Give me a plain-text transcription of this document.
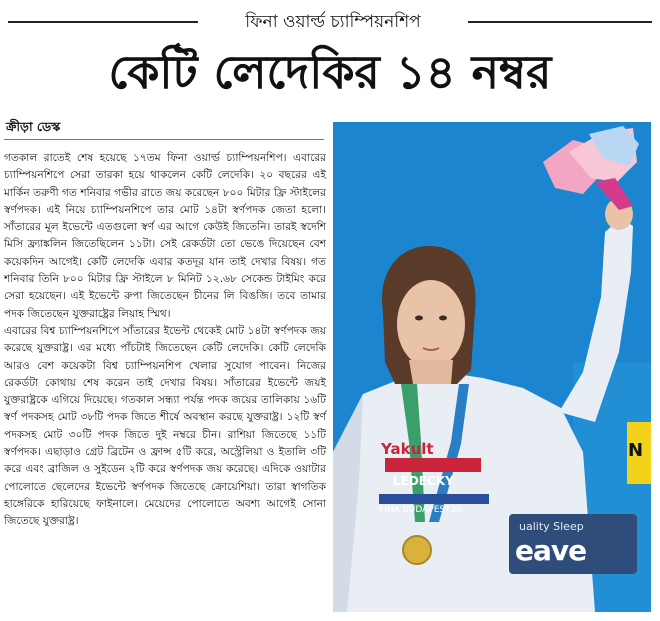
ফিনা ওয়ার্ল্ড চ্যাম্পিয়নশিপ
কেটি লেদেকির ১৪ নম্বর
ক্রীড়া ডেস্ক

গতকাল রাতেই শেষ হয়েছে ১৭তম ফিনা ওয়ার্ল্ড চ্যাম্পিয়নশিপ। এবারের চ্যাম্পিয়নশিপে সেরা তারকা হয়ে থাকলেন কেটি লেদেকি। ২০ বছরের এই মার্কিন তরুণী গত শনিবার গভীর রাতে জয় করেছেন ৮০০ মিটার ফ্রি স্টাইলের স্বর্ণপদক। এই নিয়ে চ্যাম্পিয়নশিপে তার মোট ১৪টা স্বর্ণপদক জেতা হলো। সাঁতারের মূল ইভেন্টে এতগুলো স্বর্ণ এর আগে কেউই জিতেনি। তারই স্বদেশি মিসি ফ্র্যাঙ্কলিন জিতেছিলেন ১১টা। সেই রেকর্ডটা তো ভেঙে দিয়েছেন বেশ কয়েকদিন আগেই। কেটি লেদেকি এবার কতদূর যান তাই দেখার বিষয়। গত শনিবার তিনি ৮০০ মিটার ফ্রি স্টাইলে ৮ মিনিট ১২.৬৮ সেকেন্ড টাইমিং করে সেরা হয়েছেন। এই ইভেন্টে রুপা জিতেছেন চীনের লি বিঙজি। তবে তামার পদক জিতেছেন যুক্তরাষ্ট্রের লিয়াহ স্মিথ।

এবারের বিশ্ব চ্যাম্পিয়নশিপে সাঁতারের ইভেন্ট থেকেই মোট ১৪টা স্বর্ণপদক জয় করেছে যুক্তরাষ্ট্র। এর মধ্যে পাঁচটাই জিতেছেন কেটি লেদেকি। কেটি লেদেকি আরও বেশ কয়েকটা বিশ্ব চ্যাম্পিয়নশিপ খেলার সুযোগ পাবেন। নিজের রেকর্ডটা কোথায় শেষ করেন তাই দেখার বিষয়। সাঁতারের ইভেন্টে জয়ই যুক্তরাষ্ট্রকে এগিয়ে দিয়েছে। গতকাল সন্ধ্যা পর্যন্ত পদক জয়ের তালিকায় ১৬টি স্বর্ণ পদকসহ মোট ৩৮টি পদক জিতে শীর্ষে অবস্থান করছে যুক্তরাষ্ট্র। ১২টি স্বর্ণ পদকসহ মোট ৩০টি পদক জিতে দুই নম্বরে চীন। রাশিয়া জিতেছে ১১টি স্বর্ণপদক। এছাড়াও গ্রেট ব্রিটেন ও ফ্রান্স ৫টি করে, অস্ট্রেলিয়া ও ইতালি ৩টি করে এবং ব্রাজিল ও সুইডেন ২টি করে স্বর্ণপদক জয় করেছে। এদিকে ওয়াটার পোলোতে ছেলেদের ইভেন্টে স্বর্ণপদক জিতেছে ক্রোয়েশিয়া। তারা স্বাগতিক হাঙ্গেরিকে হারিয়েছে ফাইনালে। মেয়েদের পোলোতে অবশ্য আগেই সোনা জিতেছে যুক্তরাষ্ট্র।

N
uality Sleep
eave
Yakult
LEDECKY
FINA BUDAPEST20
